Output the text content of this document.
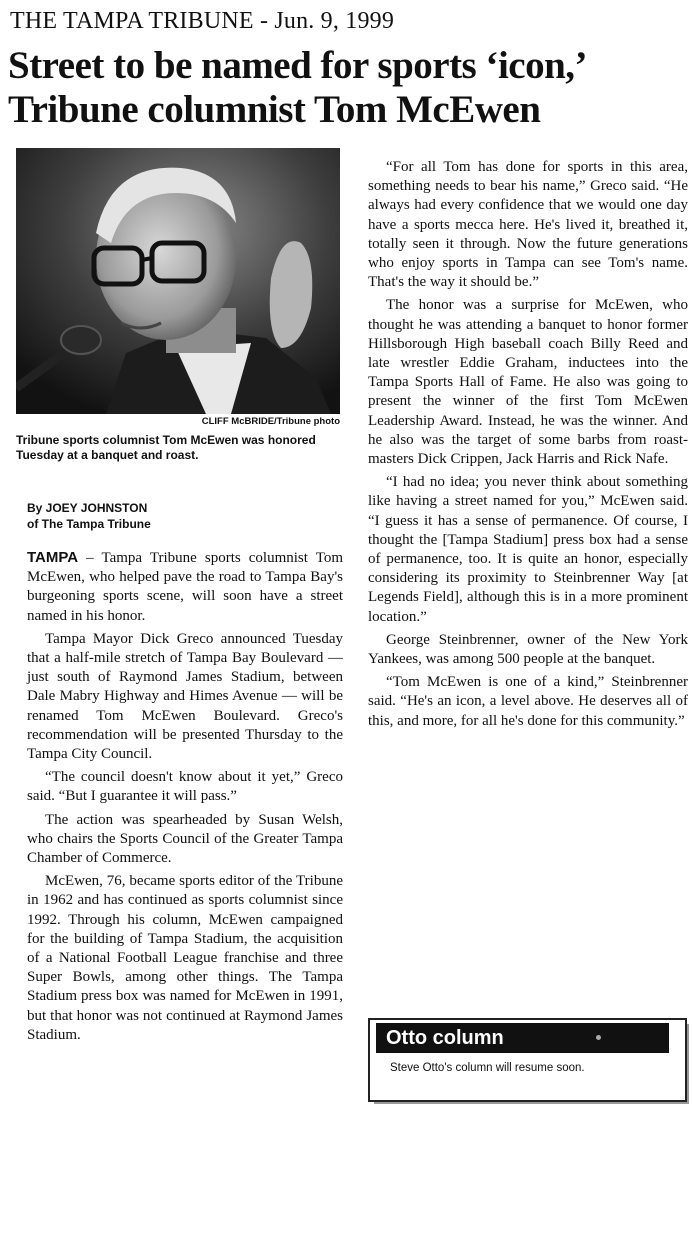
THE TAMPA TRIBUNE - Jun. 9, 1999
Street to be named for sports ‘icon,’ Tribune columnist Tom McEwen
CLIFF McBRIDE/Tribune photo
Tribune sports columnist Tom McEwen was honored Tuesday at a banquet and roast.
By JOEY JOHNSTON
of The Tampa Tribune

TAMPA – Tampa Tribune sports columnist Tom McEwen, who helped pave the road to Tampa Bay's burgeoning sports scene, will soon have a street named in his honor.

Tampa Mayor Dick Greco announced Tuesday that a half-mile stretch of Tampa Bay Boulevard — just south of Raymond James Stadium, between Dale Mabry Highway and Himes Avenue — will be renamed Tom McEwen Boulevard. Greco's recommendation will be presented Thursday to the Tampa City Council.

“The council doesn't know about it yet,” Greco said. “But I guarantee it will pass.”

The action was spearheaded by Susan Welsh, who chairs the Sports Council of the Greater Tampa Chamber of Commerce.

McEwen, 76, became sports editor of the Tribune in 1962 and has continued as sports columnist since 1992. Through his column, McEwen campaigned for the building of Tampa Stadium, the acquisition of a National Football League franchise and three Super Bowls, among other things. The Tampa Stadium press box was named for McEwen in 1991, but that honor was not continued at Raymond James Stadium.

“For all Tom has done for sports in this area, something needs to bear his name,” Greco said. “He always had every confidence that we would one day have a sports mecca here. He's lived it, breathed it, totally seen it through. Now the future generations who enjoy sports in Tampa can see Tom's name. That's the way it should be.”

The honor was a surprise for McEwen, who thought he was attending a banquet to honor former Hillsborough High baseball coach Billy Reed and late wrestler Eddie Graham, inductees into the Tampa Sports Hall of Fame. He also was going to present the winner of the first Tom McEwen Leadership Award. Instead, he was the winner. And he also was the target of some barbs from roast-masters Dick Crippen, Jack Harris and Rick Nafe.

“I had no idea; you never think about something like having a street named for you,” McEwen said. “I guess it has a sense of permanence. Of course, I thought the [Tampa Stadium] press box had a sense of permanence, too. It is quite an honor, especially considering its proximity to Steinbrenner Way [at Legends Field], although this is in a more prominent location.”

George Steinbrenner, owner of the New York Yankees, was among 500 people at the banquet.

“Tom McEwen is one of a kind,” Steinbrenner said. “He's an icon, a level above. He deserves all of this, and more, for all he's done for this community.”

Otto column
Steve Otto's column will resume soon.
